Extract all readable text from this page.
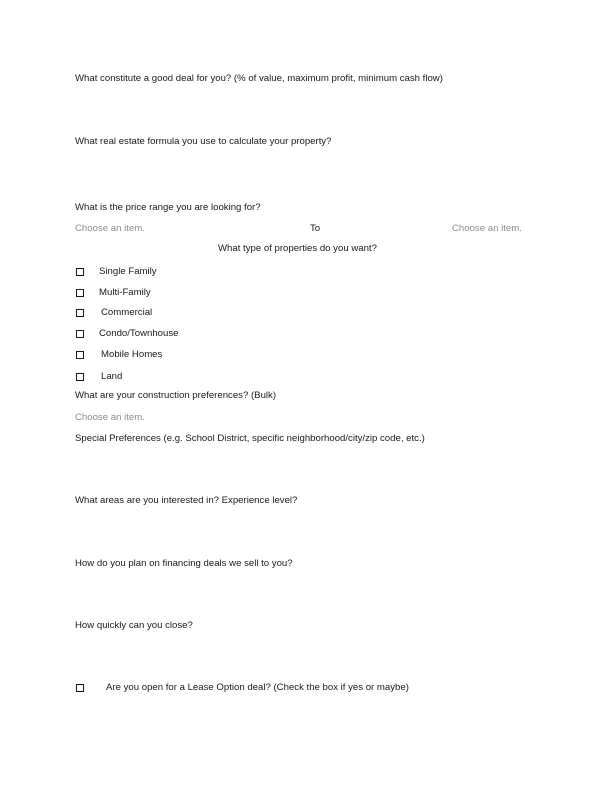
What constitute a good deal for you? (% of value, maximum profit, minimum cash flow)
What real estate formula you use to calculate your property?
What is the price range you are looking for?
Choose an item.	To	Choose an item.
What type of properties do you want?
Single Family
Multi-Family
Commercial
Condo/Townhouse
Mobile Homes
Land
What are your construction preferences? (Bulk)
Choose an item.
Special Preferences (e.g. School District, specific neighborhood/city/zip code, etc.)
What areas are you interested in? Experience level?
How do you plan on financing deals we sell to you?
How quickly can you close?
Are you open for a Lease Option deal? (Check the box if yes or maybe)
